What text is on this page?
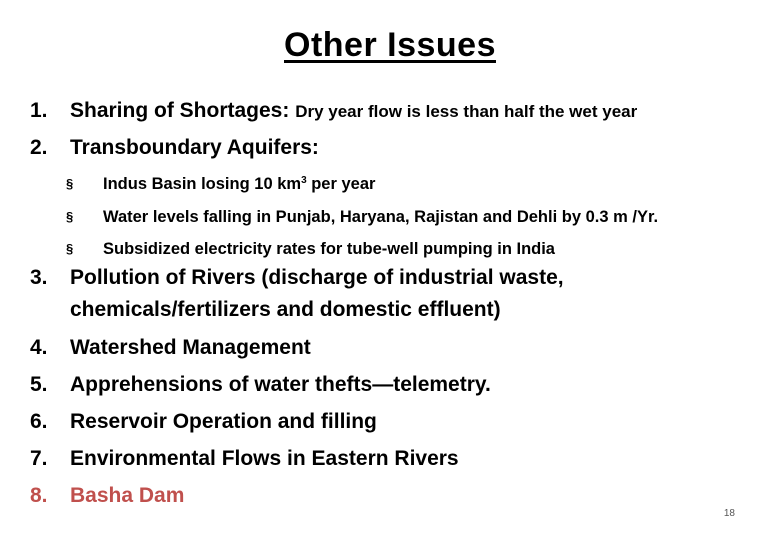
Other Issues
1. Sharing of Shortages: Dry year flow is less than half the wet year
2. Transboundary Aquifers:
§ Indus Basin losing 10 $km^3$ per year
§ Water levels falling in Punjab, Haryana, Rajistan and Dehli by 0.3 m /Yr.
§ Subsidized electricity rates for tube-well pumping in India
3. Pollution of Rivers (discharge of industrial waste,
chemicals/fertilizers and domestic effluent)
4. Watershed Management
5. Apprehensions of water thefts—telemetry.
6. Reservoir Operation and filling
7. Environmental Flows in Eastern Rivers
8. Basha Dam
18
